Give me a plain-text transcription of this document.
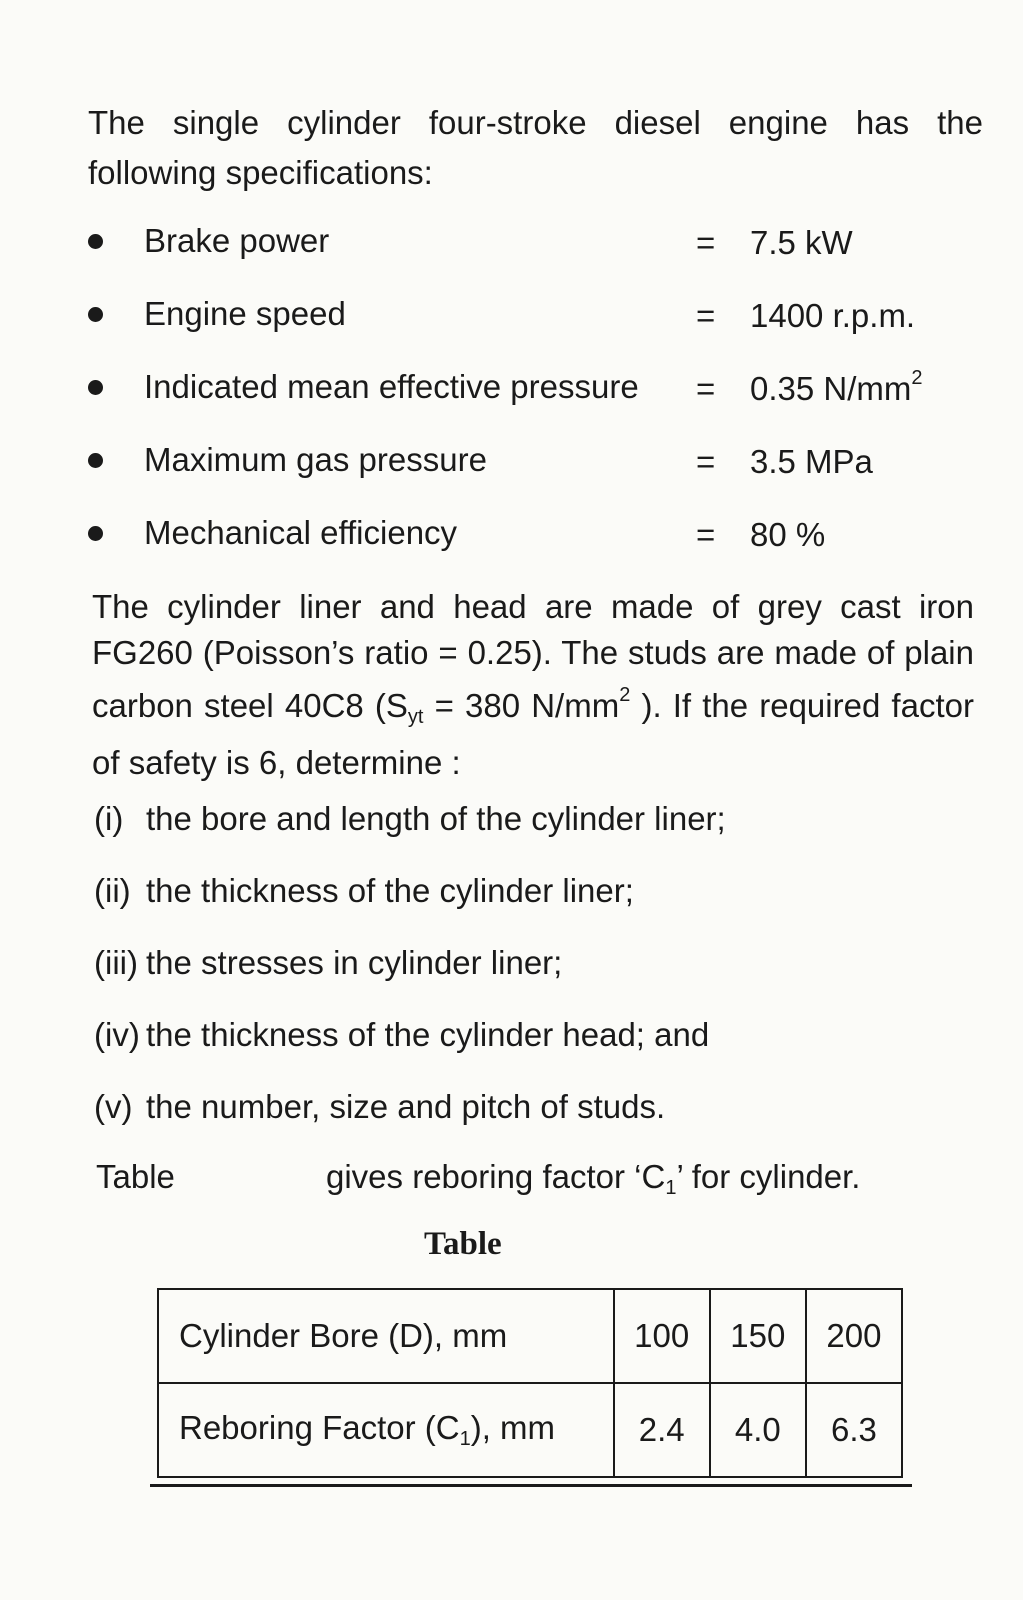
The single cylinder four-stroke diesel engine has the following specifications:

Brake power	= 7.5 kW
Engine speed	= 1400 r.p.m.
Indicated mean effective pressure = 0.35 $N/mm^2$
Maximum gas pressure	= 3.5 MPa
Mechanical efficiency	= 80 %

The cylinder liner and head are made of grey cast iron FG260 (Poisson’s ratio = 0.25). The studs are made of plain carbon steel 40C8 ($S_{yt} = 380$ $N/mm^2$ ). If the required factor of safety is 6, determine :

(i) the bore and length of the cylinder liner;
(ii) the thickness of the cylinder liner;
(iii) the stresses in cylinder liner;
(iv) the thickness of the cylinder head; and
(v) the number, size and pitch of studs.
Table	gives reboring factor ‘$C_1$’ for cylinder.
Table
Cylinder Bore (D), mm	100	150	200
Reboring Factor $(C_1)$, mm	2.4	4.0	6.3
